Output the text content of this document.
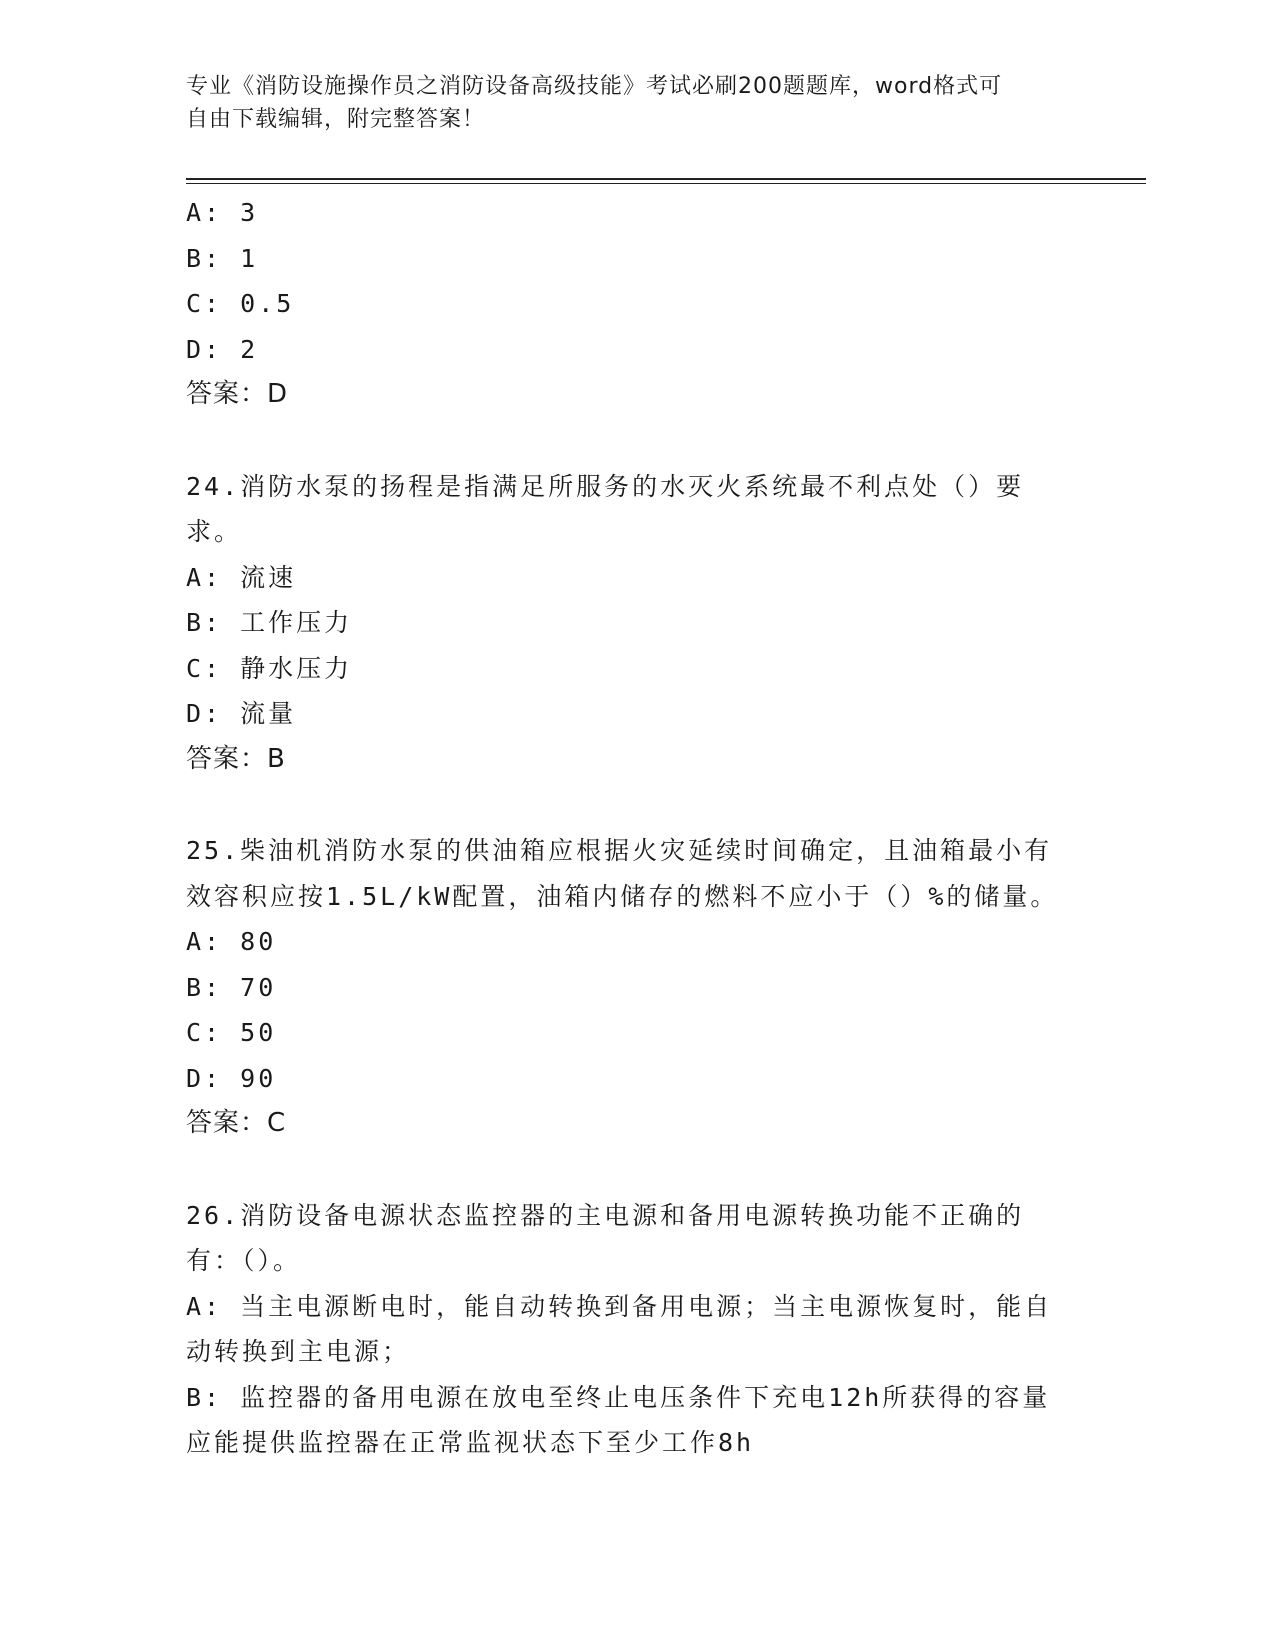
专业《消防设施操作员之消防设备高级技能》考试必刷200题题库，word格式可
自由下载编辑，附完整答案！
A: 3
B: 1
C: 0.5
D: 2
答案：D
24.消防水泵的扬程是指满足所服务的水灭火系统最不利点处（）要求。
A: 流速
B: 工作压力
C: 静水压力
D: 流量
答案：B
25.柴油机消防水泵的供油箱应根据火灾延续时间确定，且油箱最小有效容积应按1.5L/kW配置，油箱内储存的燃料不应小于（）%的储量。
A: 80
B: 70
C: 50
D: 90
答案：C
26.消防设备电源状态监控器的主电源和备用电源转换功能不正确的有：（）。
A: 当主电源断电时，能自动转换到备用电源；当主电源恢复时，能自动转换到主电源；
B: 监控器的备用电源在放电至终止电压条件下充电12h所获得的容量应能提供监控器在正常监视状态下至少工作8h
